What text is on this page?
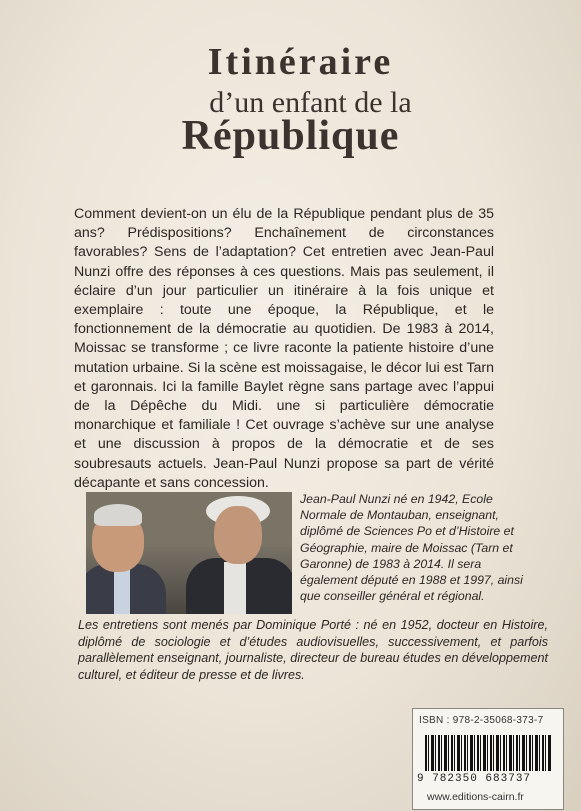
Itinéraire
d’un enfant de la
République

Comment devient-on un élu de la République pendant plus de 35 ans? Prédispositions? Enchaînement de circonstances favorables? Sens de l’adaptation? Cet entretien avec Jean-Paul Nunzi offre des réponses à ces questions. Mais pas seulement, il éclaire d’un jour particulier un itinéraire à la fois unique et exemplaire : toute une époque, la République, et le fonctionnement de la démocratie au quotidien. De 1983 à 2014, Moissac se transforme ; ce livre raconte la patiente histoire d’une mutation urbaine. Si la scène est moissagaise, le décor lui est Tarn et garonnais. Ici la famille Baylet règne sans partage avec l’appui de la Dépêche du Midi. une si particulière démocratie monarchique et familiale ! Cet ouvrage s’achève sur une analyse et une discussion à propos de la démocratie et de ses soubresauts actuels. Jean-Paul Nunzi propose sa part de vérité décapante et sans concession.

Jean-Paul Nunzi né en 1942, Ecole Normale de Montauban, enseignant, diplômé de Sciences Po et d’Histoire et Géographie, maire de Moissac (Tarn et Garonne) de 1983 à 2014. Il sera également député en 1988 et 1997, ainsi que conseiller général et régional.

Les entretiens sont menés par Dominique Porté : né en 1952, docteur en Histoire, diplômé de sociologie et d’études audiovisuelles, successivement, et parfois parallèlement enseignant, journaliste, directeur de bureau études en développement culturel, et éditeur de presse et de livres.

ISBN : 978-2-35068-373-7
9 782350 683737
www.editions-cairn.fr
